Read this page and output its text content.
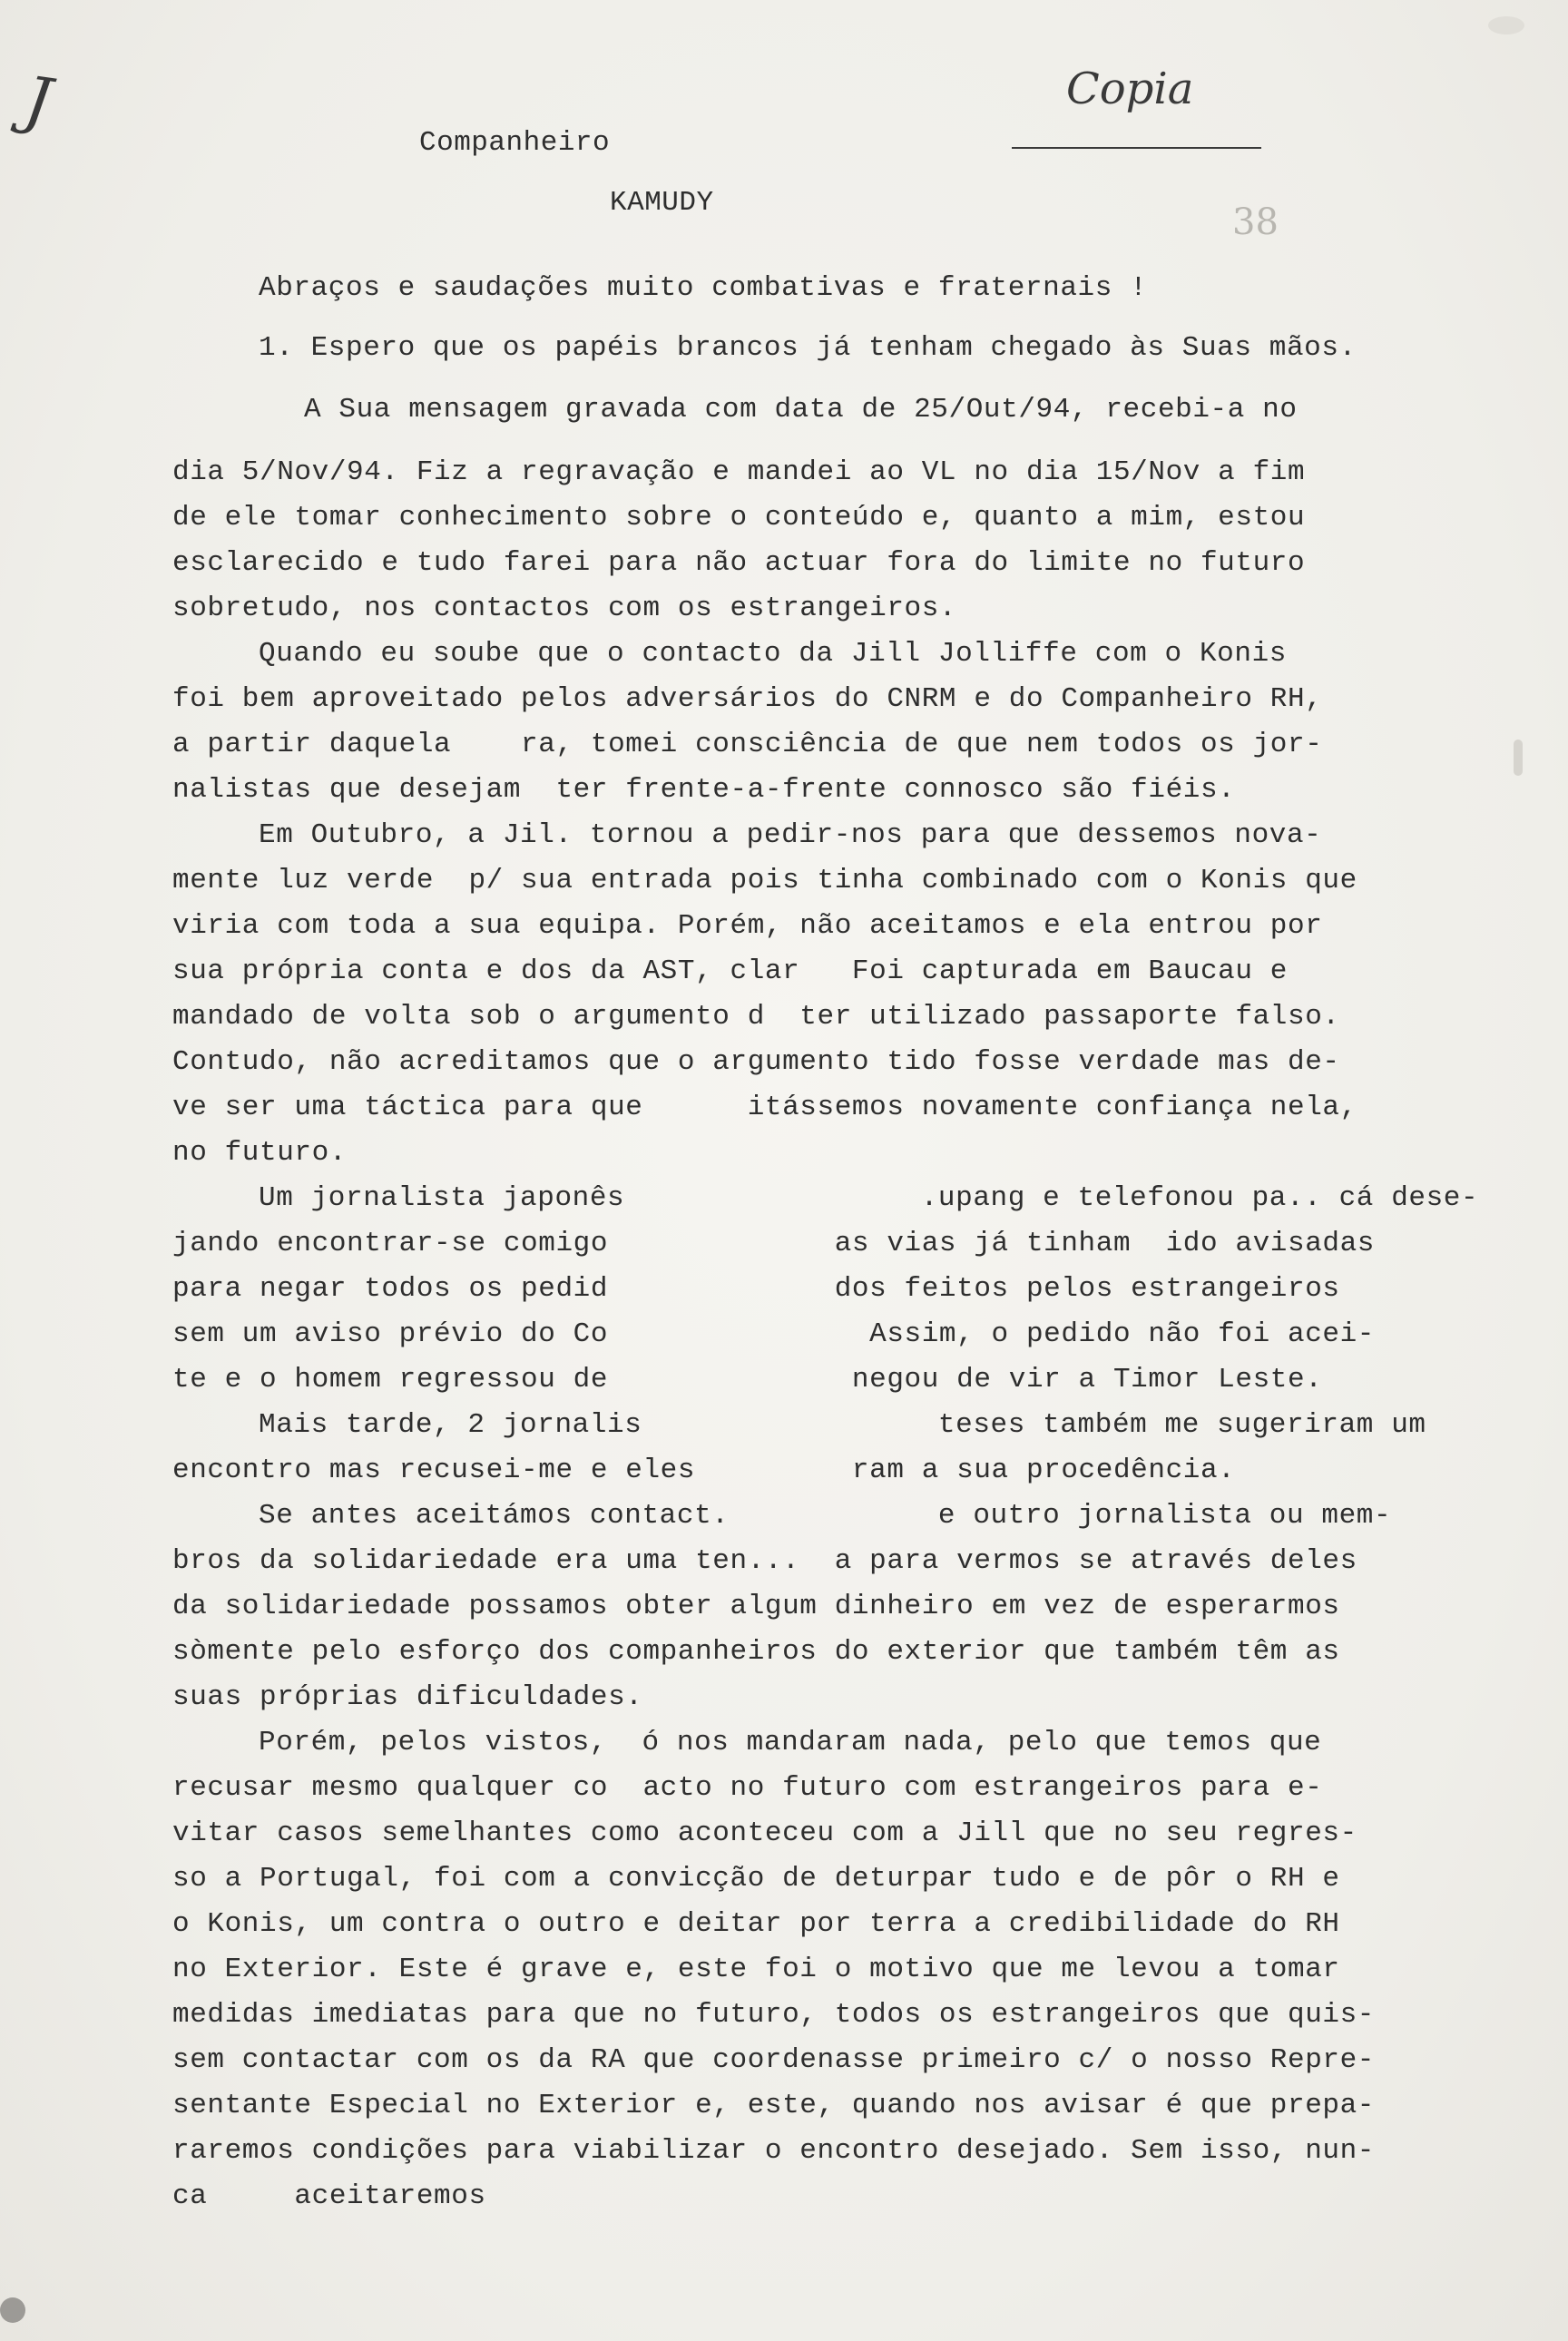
J	Copia
38
Companheiro
KAMUDY
Abraços e saudações muito combativas e fraternais !
1. Espero que os papéis brancos já tenham chegado às Suas mãos.
A Sua mensagem gravada com data de 25/Out/94, recebi-a no
dia 5/Nov/94. Fiz a regravação e mandei ao VL no dia 15/Nov a fim
de ele tomar conhecimento sobre o conteúdo e, quanto a mim, estou
esclarecido e tudo farei para não actuar fora do limite no futuro
sobretudo, nos contactos com os estrangeiros.
Quando eu soube que o contacto da Jill Jolliffe com o Konis
foi bem aproveitado pelos adversários do CNRM e do Companheiro RH,
a partir daquela    ra, tomei consciência de que nem todos os jor-
nalistas que desejam  ter frente-a-frente connosco são fiéis.
Em Outubro, a Jil. tornou a pedir-nos para que dessemos nova-
mente luz verde  p/ sua entrada pois tinha combinado com o Konis que
viria com toda a sua equipa. Porém, não aceitamos e ela entrou por
sua própria conta e dos da AST, clar   Foi capturada em Baucau e
mandado de volta sob o argumento d  ter utilizado passaporte falso.
Contudo, não acreditamos que o argumento tido fosse verdade mas de-
ve ser uma táctica para que      itássemos novamente confiança nela,
no futuro.
Um jornalista japonês                 .upang e telefonou pa.. cá dese-
jando encontrar-se comigo             as vias já tinham  ido avisadas
para negar todos os pedid             dos feitos pelos estrangeiros
sem um aviso prévio do Co               Assim, o pedido não foi acei-
te e o homem regressou de              negou de vir a Timor Leste.
Mais tarde, 2 jornalis                 teses também me sugeriram um
encontro mas recusei-me e eles         ram a sua procedência.
Se antes aceitámos contact.            e outro jornalista ou mem-
bros da solidariedade era uma ten...  a para vermos se através deles
da solidariedade possamos obter algum dinheiro em vez de esperarmos
sòmente pelo esforço dos companheiros do exterior que também têm as
suas próprias dificuldades.
Porém, pelos vistos,  ó nos mandaram nada, pelo que temos que
recusar mesmo qualquer co  acto no futuro com estrangeiros para e-
vitar casos semelhantes como aconteceu com a Jill que no seu regres-
so a Portugal, foi com a convicção de deturpar tudo e de pôr o RH e
o Konis, um contra o outro e deitar por terra a credibilidade do RH
no Exterior. Este é grave e, este foi o motivo que me levou a tomar
medidas imediatas para que no futuro, todos os estrangeiros que quis-
sem contactar com os da RA que coordenasse primeiro c/ o nosso Repre-
sentante Especial no Exterior e, este, quando nos avisar é que prepa-
raremos condições para viabilizar o encontro desejado. Sem isso, nun-
ca     aceitaremos
